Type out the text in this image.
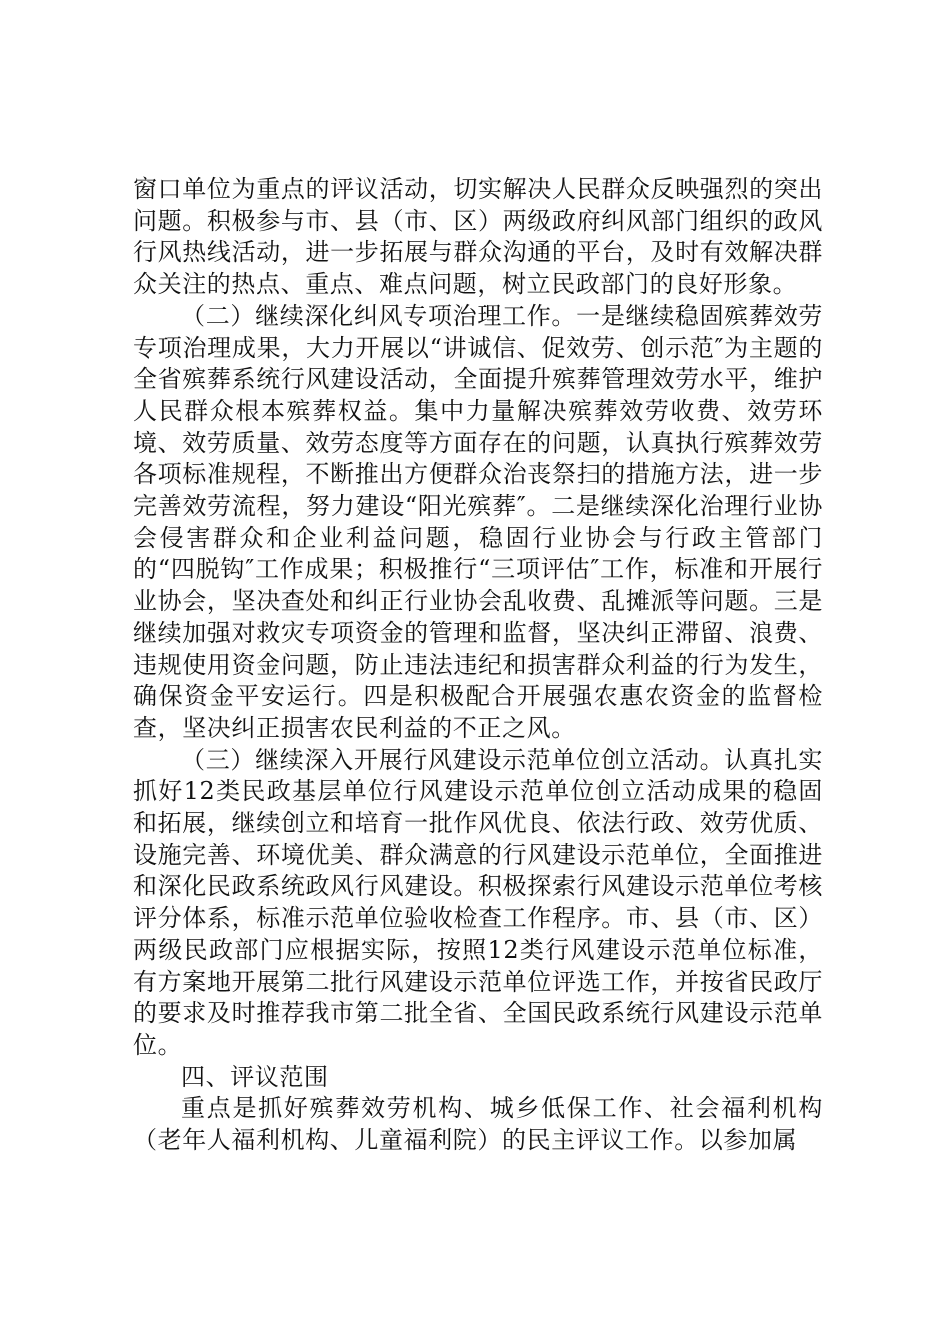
窗口单位为重点的评议活动，切实解决人民群众反映强烈的突出问题。积极参与市、县（市、区）两级政府纠风部门组织的政风行风热线活动，进一步拓展与群众沟通的平台，及时有效解决群众关注的热点、重点、难点问题，树立民政部门的良好形象。

（二）继续深化纠风专项治理工作。一是继续稳固殡葬效劳专项治理成果，大力开展以“讲诚信、促效劳、创示范″为主题的全省殡葬系统行风建设活动，全面提升殡葬管理效劳水平，维护人民群众根本殡葬权益。集中力量解决殡葬效劳收费、效劳环境、效劳质量、效劳态度等方面存在的问题，认真执行殡葬效劳各项标准规程，不断推出方便群众治丧祭扫的措施方法，进一步完善效劳流程，努力建设“阳光殡葬″。二是继续深化治理行业协会侵害群众和企业利益问题，稳固行业协会与行政主管部门的“四脱钩″工作成果；积极推行“三项评估″工作，标准和开展行业协会，坚决查处和纠正行业协会乱收费、乱摊派等问题。三是继续加强对救灾专项资金的管理和监督，坚决纠正滞留、浪费、违规使用资金问题，防止违法违纪和损害群众利益的行为发生，确保资金平安运行。四是积极配合开展强农惠农资金的监督检查，坚决纠正损害农民利益的不正之风。

（三）继续深入开展行风建设示范单位创立活动。认真扎实抓好12类民政基层单位行风建设示范单位创立活动成果的稳固和拓展，继续创立和培育一批作风优良、依法行政、效劳优质、设施完善、环境优美、群众满意的行风建设示范单位，全面推进和深化民政系统政风行风建设。积极探索行风建设示范单位考核评分体系，标准示范单位验收检查工作程序。市、县（市、区）两级民政部门应根据实际，按照12类行风建设示范单位标准，有方案地开展第二批行风建设示范单位评选工作，并按省民政厅的要求及时推荐我市第二批全省、全国民政系统行风建设示范单位。

四、评议范围

重点是抓好殡葬效劳机构、城乡低保工作、社会福利机构（老年人福利机构、儿童福利院）的民主评议工作。以参加属
